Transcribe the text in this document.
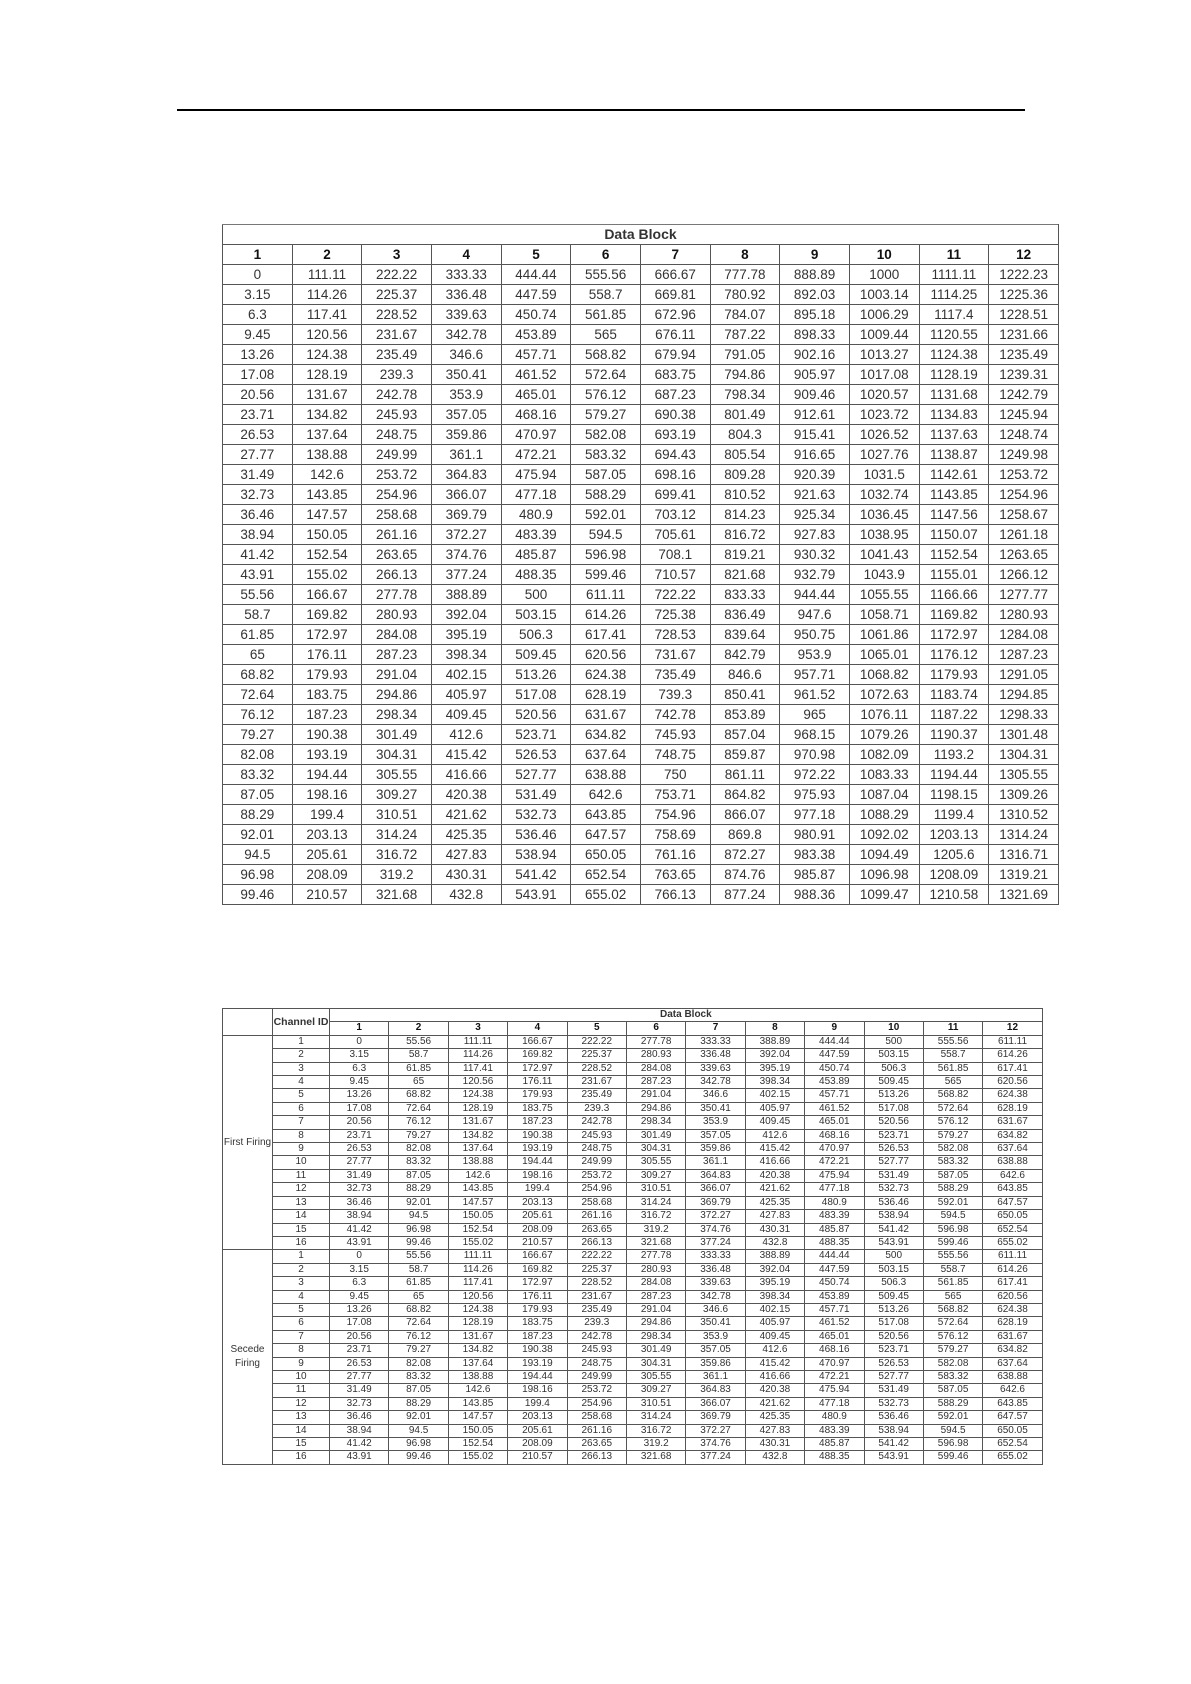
Data Block											
1	2	3	4	5	6	7	8	9	10	11	12
0	111.11	222.22	333.33	444.44	555.56	666.67	777.78	888.89	1000	1111.11	1222.23
3.15	114.26	225.37	336.48	447.59	558.7	669.81	780.92	892.03	1003.14	1114.25	1225.36
6.3	117.41	228.52	339.63	450.74	561.85	672.96	784.07	895.18	1006.29	1117.4	1228.51
9.45	120.56	231.67	342.78	453.89	565	676.11	787.22	898.33	1009.44	1120.55	1231.66
13.26	124.38	235.49	346.6	457.71	568.82	679.94	791.05	902.16	1013.27	1124.38	1235.49
17.08	128.19	239.3	350.41	461.52	572.64	683.75	794.86	905.97	1017.08	1128.19	1239.31
20.56	131.67	242.78	353.9	465.01	576.12	687.23	798.34	909.46	1020.57	1131.68	1242.79
23.71	134.82	245.93	357.05	468.16	579.27	690.38	801.49	912.61	1023.72	1134.83	1245.94
26.53	137.64	248.75	359.86	470.97	582.08	693.19	804.3	915.41	1026.52	1137.63	1248.74
27.77	138.88	249.99	361.1	472.21	583.32	694.43	805.54	916.65	1027.76	1138.87	1249.98
31.49	142.6	253.72	364.83	475.94	587.05	698.16	809.28	920.39	1031.5	1142.61	1253.72
32.73	143.85	254.96	366.07	477.18	588.29	699.41	810.52	921.63	1032.74	1143.85	1254.96
36.46	147.57	258.68	369.79	480.9	592.01	703.12	814.23	925.34	1036.45	1147.56	1258.67
38.94	150.05	261.16	372.27	483.39	594.5	705.61	816.72	927.83	1038.95	1150.07	1261.18
41.42	152.54	263.65	374.76	485.87	596.98	708.1	819.21	930.32	1041.43	1152.54	1263.65
43.91	155.02	266.13	377.24	488.35	599.46	710.57	821.68	932.79	1043.9	1155.01	1266.12
55.56	166.67	277.78	388.89	500	611.11	722.22	833.33	944.44	1055.55	1166.66	1277.77
58.7	169.82	280.93	392.04	503.15	614.26	725.38	836.49	947.6	1058.71	1169.82	1280.93
61.85	172.97	284.08	395.19	506.3	617.41	728.53	839.64	950.75	1061.86	1172.97	1284.08
65	176.11	287.23	398.34	509.45	620.56	731.67	842.79	953.9	1065.01	1176.12	1287.23
68.82	179.93	291.04	402.15	513.26	624.38	735.49	846.6	957.71	1068.82	1179.93	1291.05
72.64	183.75	294.86	405.97	517.08	628.19	739.3	850.41	961.52	1072.63	1183.74	1294.85
76.12	187.23	298.34	409.45	520.56	631.67	742.78	853.89	965	1076.11	1187.22	1298.33
79.27	190.38	301.49	412.6	523.71	634.82	745.93	857.04	968.15	1079.26	1190.37	1301.48
82.08	193.19	304.31	415.42	526.53	637.64	748.75	859.87	970.98	1082.09	1193.2	1304.31
83.32	194.44	305.55	416.66	527.77	638.88	750	861.11	972.22	1083.33	1194.44	1305.55
87.05	198.16	309.27	420.38	531.49	642.6	753.71	864.82	975.93	1087.04	1198.15	1309.26
88.29	199.4	310.51	421.62	532.73	643.85	754.96	866.07	977.18	1088.29	1199.4	1310.52
92.01	203.13	314.24	425.35	536.46	647.57	758.69	869.8	980.91	1092.02	1203.13	1314.24
94.5	205.61	316.72	427.83	538.94	650.05	761.16	872.27	983.38	1094.49	1205.6	1316.71
96.98	208.09	319.2	430.31	541.42	652.54	763.65	874.76	985.87	1096.98	1208.09	1319.21
99.46	210.57	321.68	432.8	543.91	655.02	766.13	877.24	988.36	1099.47	1210.58	1321.69
	Channel ID	Data Block											
		1	2	3	4	5	6	7	8	9	10	11	12
First Firing	1	0	55.56	111.11	166.67	222.22	277.78	333.33	388.89	444.44	500	555.56	611.11
	2	3.15	58.7	114.26	169.82	225.37	280.93	336.48	392.04	447.59	503.15	558.7	614.26
	3	6.3	61.85	117.41	172.97	228.52	284.08	339.63	395.19	450.74	506.3	561.85	617.41
	4	9.45	65	120.56	176.11	231.67	287.23	342.78	398.34	453.89	509.45	565	620.56
	5	13.26	68.82	124.38	179.93	235.49	291.04	346.6	402.15	457.71	513.26	568.82	624.38
	6	17.08	72.64	128.19	183.75	239.3	294.86	350.41	405.97	461.52	517.08	572.64	628.19
	7	20.56	76.12	131.67	187.23	242.78	298.34	353.9	409.45	465.01	520.56	576.12	631.67
	8	23.71	79.27	134.82	190.38	245.93	301.49	357.05	412.6	468.16	523.71	579.27	634.82
	9	26.53	82.08	137.64	193.19	248.75	304.31	359.86	415.42	470.97	526.53	582.08	637.64
	10	27.77	83.32	138.88	194.44	249.99	305.55	361.1	416.66	472.21	527.77	583.32	638.88
	11	31.49	87.05	142.6	198.16	253.72	309.27	364.83	420.38	475.94	531.49	587.05	642.6
	12	32.73	88.29	143.85	199.4	254.96	310.51	366.07	421.62	477.18	532.73	588.29	643.85
	13	36.46	92.01	147.57	203.13	258.68	314.24	369.79	425.35	480.9	536.46	592.01	647.57
	14	38.94	94.5	150.05	205.61	261.16	316.72	372.27	427.83	483.39	538.94	594.5	650.05
	15	41.42	96.98	152.54	208.09	263.65	319.2	374.76	430.31	485.87	541.42	596.98	652.54
	16	43.91	99.46	155.02	210.57	266.13	321.68	377.24	432.8	488.35	543.91	599.46	655.02
Secede Firing	1	0	55.56	111.11	166.67	222.22	277.78	333.33	388.89	444.44	500	555.56	611.11
	2	3.15	58.7	114.26	169.82	225.37	280.93	336.48	392.04	447.59	503.15	558.7	614.26
	3	6.3	61.85	117.41	172.97	228.52	284.08	339.63	395.19	450.74	506.3	561.85	617.41
	4	9.45	65	120.56	176.11	231.67	287.23	342.78	398.34	453.89	509.45	565	620.56
	5	13.26	68.82	124.38	179.93	235.49	291.04	346.6	402.15	457.71	513.26	568.82	624.38
	6	17.08	72.64	128.19	183.75	239.3	294.86	350.41	405.97	461.52	517.08	572.64	628.19
	7	20.56	76.12	131.67	187.23	242.78	298.34	353.9	409.45	465.01	520.56	576.12	631.67
	8	23.71	79.27	134.82	190.38	245.93	301.49	357.05	412.6	468.16	523.71	579.27	634.82
	9	26.53	82.08	137.64	193.19	248.75	304.31	359.86	415.42	470.97	526.53	582.08	637.64
	10	27.77	83.32	138.88	194.44	249.99	305.55	361.1	416.66	472.21	527.77	583.32	638.88
	11	31.49	87.05	142.6	198.16	253.72	309.27	364.83	420.38	475.94	531.49	587.05	642.6
	12	32.73	88.29	143.85	199.4	254.96	310.51	366.07	421.62	477.18	532.73	588.29	643.85
	13	36.46	92.01	147.57	203.13	258.68	314.24	369.79	425.35	480.9	536.46	592.01	647.57
	14	38.94	94.5	150.05	205.61	261.16	316.72	372.27	427.83	483.39	538.94	594.5	650.05
	15	41.42	96.98	152.54	208.09	263.65	319.2	374.76	430.31	485.87	541.42	596.98	652.54
	16	43.91	99.46	155.02	210.57	266.13	321.68	377.24	432.8	488.35	543.91	599.46	655.02
